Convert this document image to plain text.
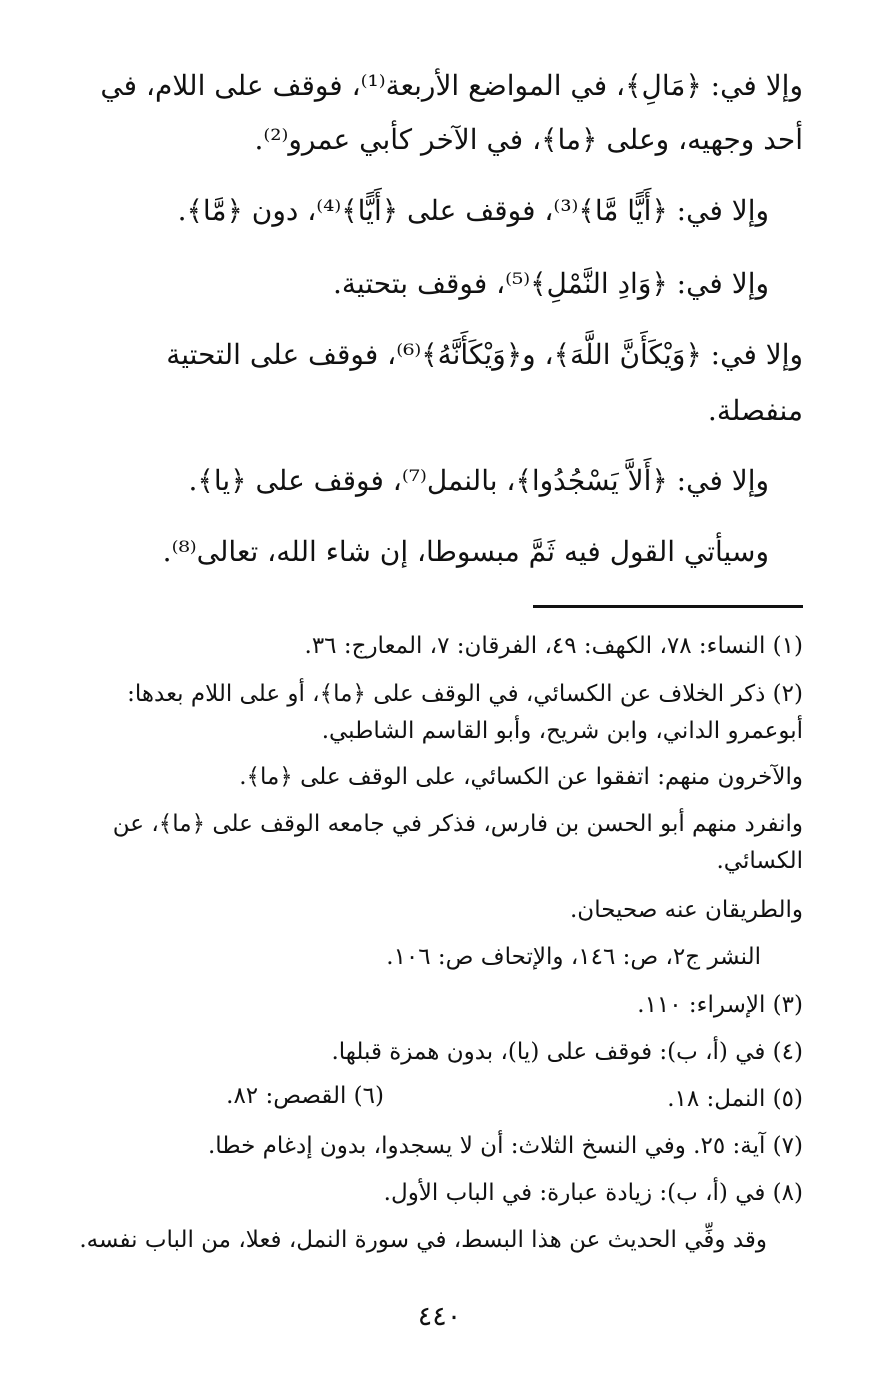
وإلا في: ﴿مَالِ﴾، في المواضع الأربعة⁽¹⁾، فوقف على اللام، في
أحد وجهيه، وعلى ﴿ما﴾، في الآخر كأبي عمرو⁽²⁾.
وإلا في: ﴿أَيًّا مَّا﴾⁽³⁾، فوقف على ﴿أَيًّا﴾⁽⁴⁾، دون ﴿مَّا﴾.
وإلا في: ﴿وَادِ النَّمْلِ﴾⁽⁵⁾، فوقف بتحتية.
وإلا في: ﴿وَيْكَأَنَّ اللَّهَ﴾، و﴿وَيْكَأَنَّهُ﴾⁽⁶⁾، فوقف على التحتية
منفصلة.
وإلا في: ﴿أَلاَّ يَسْجُدُوا﴾، بالنمل⁽⁷⁾، فوقف على ﴿يا﴾.
وسيأتي القول فيه ثَمَّ مبسوطا، إن شاء الله، تعالى⁽⁸⁾.
(١) النساء: ٧٨، الكهف: ٤٩، الفرقان: ٧، المعارج: ٣٦.
(٢) ذكر الخلاف عن الكسائي، في الوقف على ﴿ما﴾، أو على اللام بعدها:
أبوعمرو الداني، وابن شريح، وأبو القاسم الشاطبي.
والآخرون منهم: اتفقوا عن الكسائي، على الوقف على ﴿ما﴾.
وانفرد منهم أبو الحسن بن فارس، فذكر في جامعه الوقف على ﴿ما﴾، عن
الكسائي.
والطريقان عنه صحيحان.
النشر ج٢، ص: ١٤٦، والإتحاف ص: ١٠٦.
(٣) الإسراء: ١١٠.
(٤) في (أ، ب): فوقف على (يا)، بدون همزة قبلها.
(٥) النمل: ١٨.
(٦) القصص: ٨٢.
(٧) آية: ٢٥. وفي النسخ الثلاث: أن لا يسجدوا، بدون إدغام خطا.
(٨) في (أ، ب): زيادة عبارة: في الباب الأول.
وقد وفِّي الحديث عن هذا البسط، في سورة النمل، فعلا، من الباب نفسه.
٤٤٠
